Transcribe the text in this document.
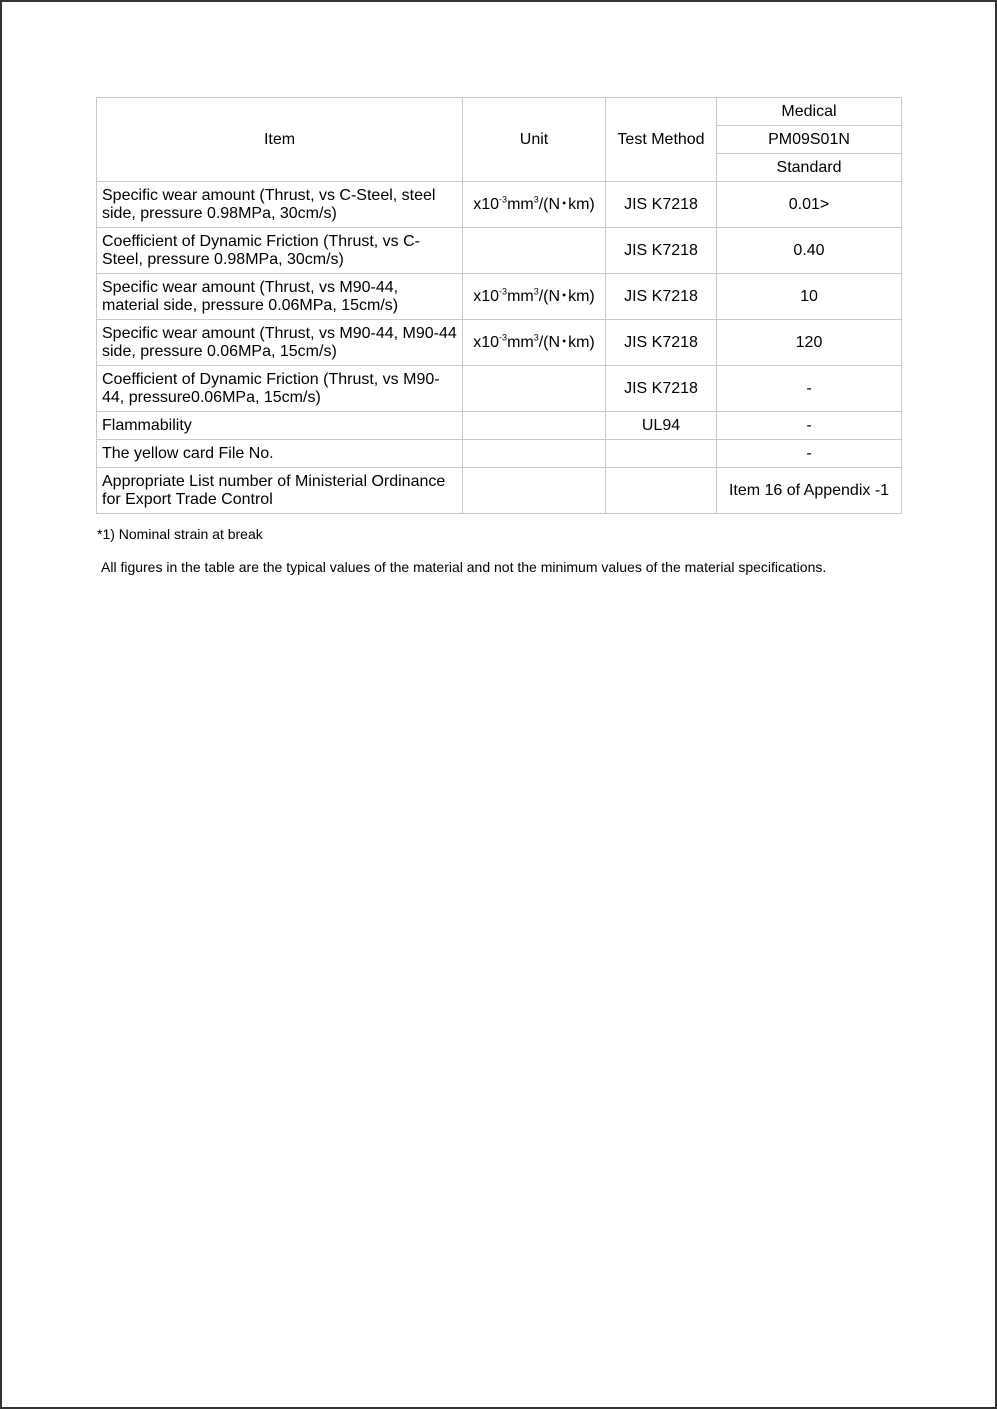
Item	Unit	Test Method	Medical
			PM09S01N
			Standard
Specific wear amount (Thrust, vs C-Steel, steel side, pressure 0.98MPa, 30cm/s)	$x10^{-3}mm^3/(N$･km)	JIS K7218	0.01>
Coefficient of Dynamic Friction (Thrust, vs C-Steel, pressure 0.98MPa, 30cm/s)		JIS K7218	0.40
Specific wear amount (Thrust, vs M90-44, material side, pressure 0.06MPa, 15cm/s)	$x10^{-3}mm^3/(N$･km)	JIS K7218	10
Specific wear amount (Thrust, vs M90-44, M90-44 side, pressure 0.06MPa, 15cm/s)	$x10^{-3}mm^3/(N$･km)	JIS K7218	120
Coefficient of Dynamic Friction (Thrust, vs M90-44, pressure0.06MPa, 15cm/s)		JIS K7218	-
Flammability		UL94	-
The yellow card File No.			-
Appropriate List number of Ministerial Ordinance for Export Trade Control			Item 16 of Appendix -1
*1) Nominal strain at break
All figures in the table are the typical values of the material and not the minimum values of the material specifications.
